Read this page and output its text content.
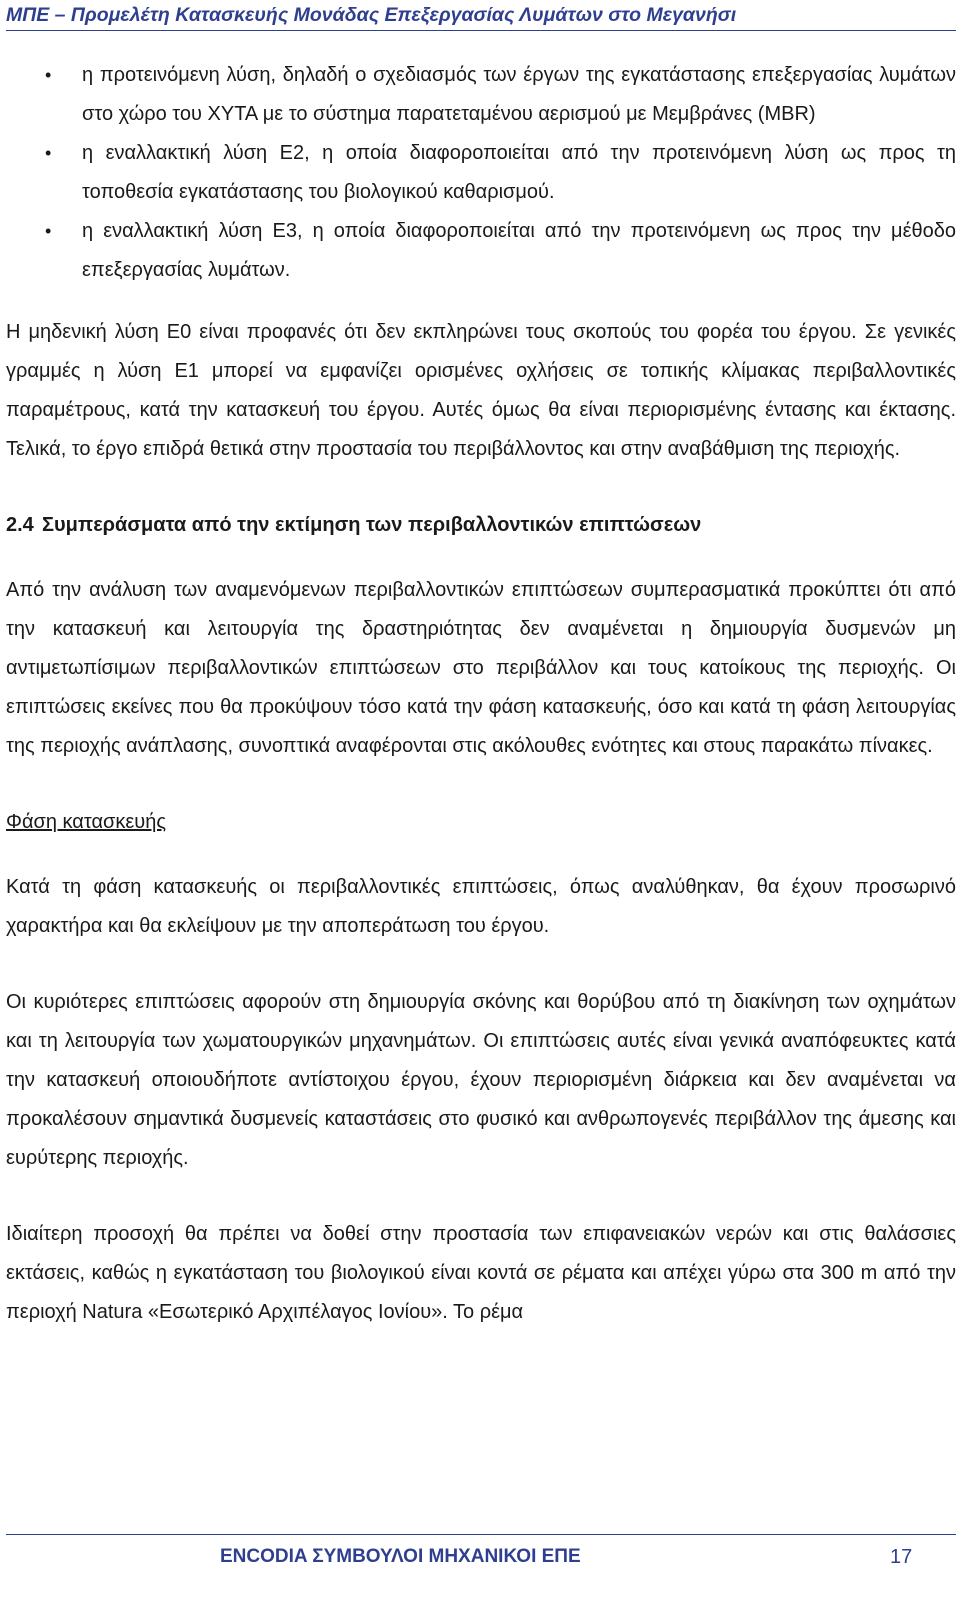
ΜΠΕ – Προμελέτη Κατασκευής Μονάδας Επεξεργασίας Λυμάτων στο Μεγανήσι
• η προτεινόμενη λύση, δηλαδή ο σχεδιασμός των έργων της εγκατάστασης επεξεργασίας λυμάτων στο χώρο του ΧΥΤΑ με το σύστημα παρατεταμένου αερισμού με Μεμβράνες (MBR)
• η εναλλακτική λύση Ε2, η οποία διαφοροποιείται από την προτεινόμενη λύση ως προς τη τοποθεσία εγκατάστασης του βιολογικού καθαρισμού.
• η εναλλακτική λύση Ε3, η οποία διαφοροποιείται από την προτεινόμενη ως προς την μέθοδο επεξεργασίας λυμάτων.

Η μηδενική λύση Ε0 είναι προφανές ότι δεν εκπληρώνει τους σκοπούς του φορέα του έργου. Σε γενικές γραμμές η λύση Ε1 μπορεί να εμφανίζει ορισμένες οχλήσεις σε τοπικής κλίμακας περιβαλλοντικές παραμέτρους, κατά την κατασκευή του έργου. Αυτές όμως θα είναι περιορισμένης έντασης και έκτασης. Τελικά, το έργο επιδρά θετικά στην προστασία του περιβάλλοντος και στην αναβάθμιση της περιοχής.

2.4 Συμπεράσματα από την εκτίμηση των περιβαλλοντικών επιπτώσεων

Από την ανάλυση των αναμενόμενων περιβαλλοντικών επιπτώσεων συμπερασματικά προκύπτει ότι από την κατασκευή και λειτουργία της δραστηριότητας δεν αναμένεται η δημιουργία δυσμενών μη αντιμετωπίσιμων περιβαλλοντικών επιπτώσεων στο περιβάλλον και τους κατοίκους της περιοχής. Οι επιπτώσεις εκείνες που θα προκύψουν τόσο κατά την φάση κατασκευής, όσο και κατά τη φάση λειτουργίας της περιοχής ανάπλασης, συνοπτικά αναφέρονται στις ακόλουθες ενότητες και στους παρακάτω πίνακες.

Φάση κατασκευής

Κατά τη φάση κατασκευής οι περιβαλλοντικές επιπτώσεις, όπως αναλύθηκαν, θα έχουν προσωρινό χαρακτήρα και θα εκλείψουν με την αποπεράτωση του έργου.

Οι κυριότερες επιπτώσεις αφορούν στη δημιουργία σκόνης και θορύβου από τη διακίνηση των οχημάτων και τη λειτουργία των χωματουργικών μηχανημάτων. Οι επιπτώσεις αυτές είναι γενικά αναπόφευκτες κατά την κατασκευή οποιουδήποτε αντίστοιχου έργου, έχουν περιορισμένη διάρκεια και δεν αναμένεται να προκαλέσουν σημαντικά δυσμενείς καταστάσεις στο φυσικό και ανθρωπογενές περιβάλλον της άμεσης και ευρύτερης περιοχής.

Ιδιαίτερη προσοχή θα πρέπει να δοθεί στην προστασία των επιφανειακών νερών και στις θαλάσσιες εκτάσεις, καθώς η εγκατάσταση του βιολογικού είναι κοντά σε ρέματα και απέχει γύρω στα 300 m από την περιοχή Natura «Εσωτερικό Αρχιπέλαγος Ιονίου». Το ρέμα

ENCODIA ΣΥΜΒΟΥΛΟΙ ΜΗΧΑΝΙΚΟΙ ΕΠΕ	17
